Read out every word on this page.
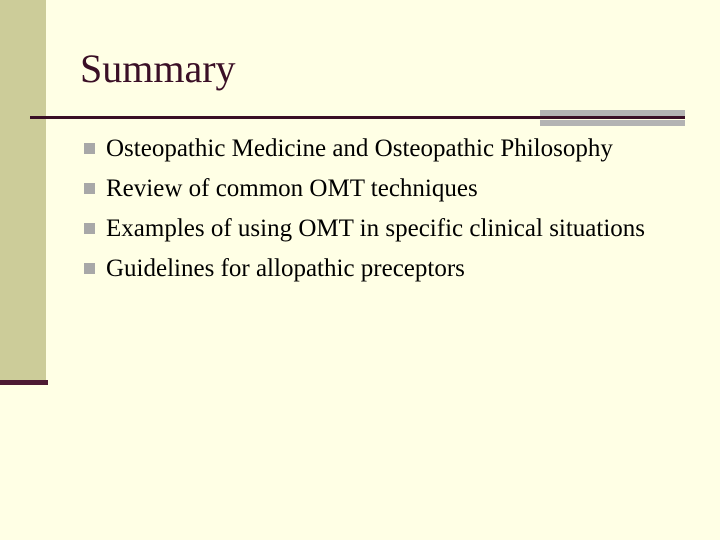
Summary
Osteopathic Medicine and Osteopathic Philosophy
Review of common OMT techniques
Examples of using OMT in specific clinical situations
Guidelines for allopathic preceptors
